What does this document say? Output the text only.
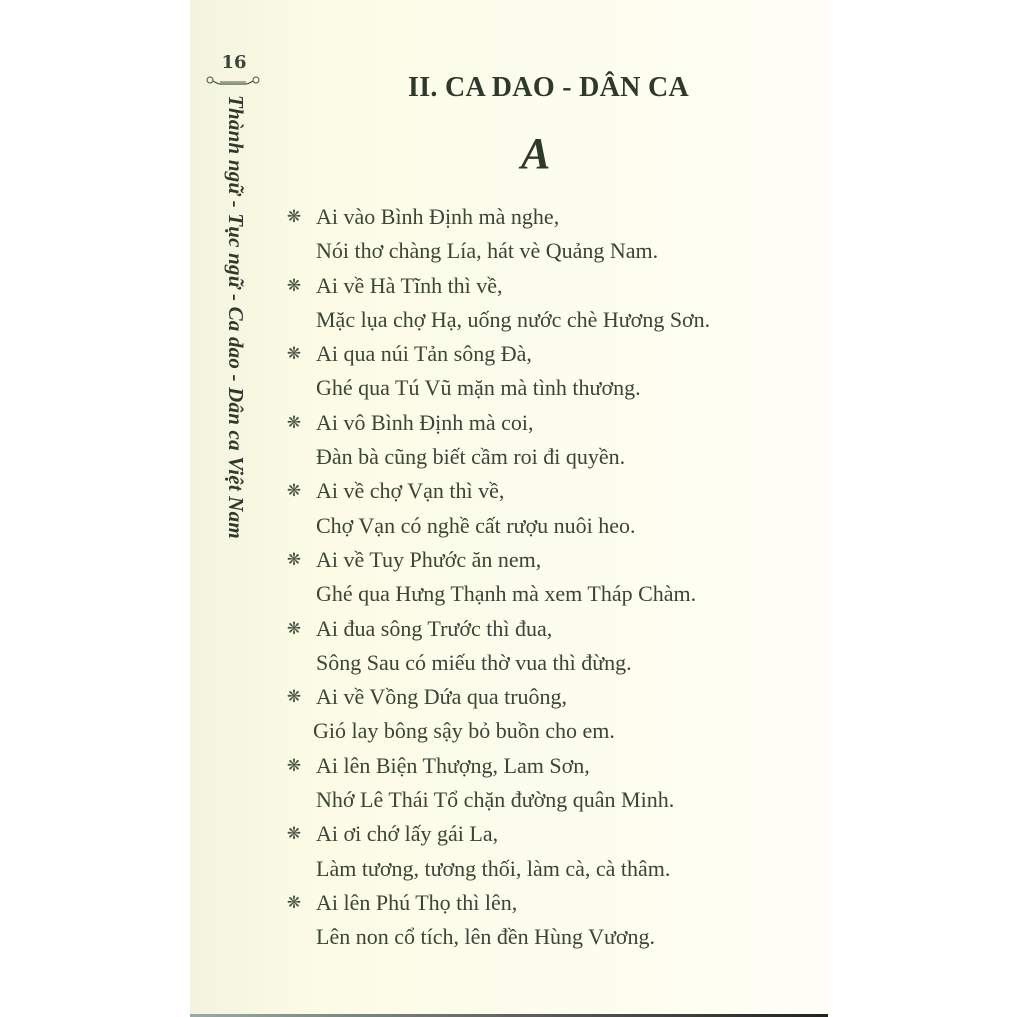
16
Thành ngữ - Tục ngữ - Ca dao - Dân ca Việt Nam
II. CA DAO - DÂN CA
A
❋ Ai vào Bình Định mà nghe,
Nói thơ chàng Lía, hát vè Quảng Nam.
❋ Ai về Hà Tĩnh thì về,
Mặc lụa chợ Hạ, uống nước chè Hương Sơn.
❋ Ai qua núi Tản sông Đà,
Ghé qua Tú Vũ mặn mà tình thương.
❋ Ai vô Bình Định mà coi,
Đàn bà cũng biết cầm roi đi quyền.
❋ Ai về chợ Vạn thì về,
Chợ Vạn có nghề cất rượu nuôi heo.
❋ Ai về Tuy Phước ăn nem,
Ghé qua Hưng Thạnh mà xem Tháp Chàm.
❋ Ai đua sông Trước thì đua,
Sông Sau có miếu thờ vua thì đừng.
❋ Ai về Vồng Dứa qua truông,
Gió lay bông sậy bỏ buồn cho em.
❋ Ai lên Biện Thượng, Lam Sơn,
Nhớ Lê Thái Tổ chặn đường quân Minh.
❋ Ai ơi chớ lấy gái La,
Làm tương, tương thối, làm cà, cà thâm.
❋ Ai lên Phú Thọ thì lên,
Lên non cổ tích, lên đền Hùng Vương.
